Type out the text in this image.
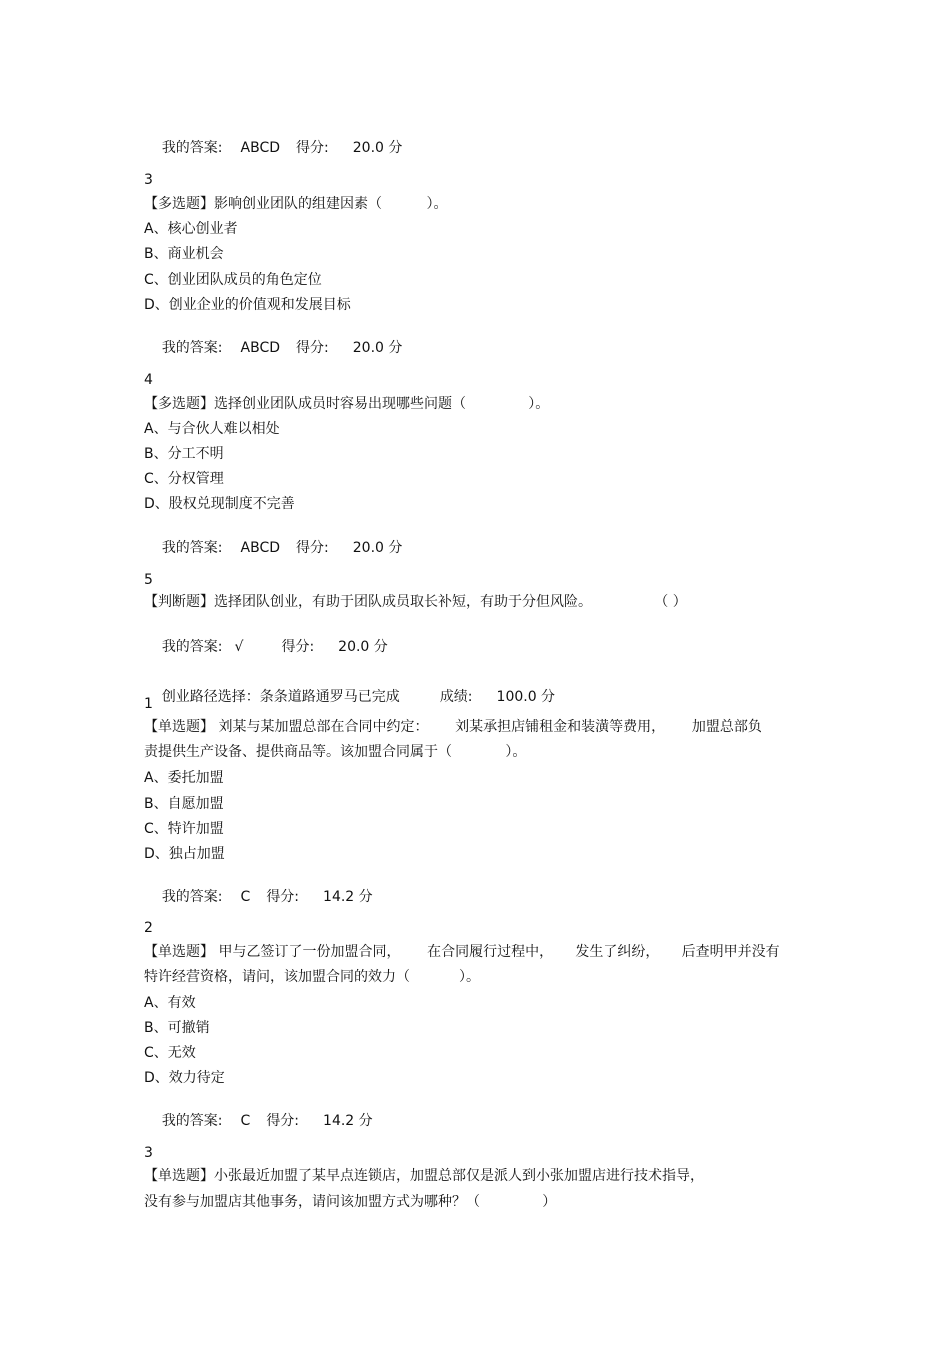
我的答案: ABCD 得分: 20.0 分

3
【多选题】影响创业团队的组建因素（          ）。
A、核心创业者
B、商业机会
C、创业团队成员的角色定位
D、创业企业的价值观和发展目标

我的答案: ABCD 得分: 20.0 分

4
【多选题】选择创业团队成员时容易出现哪些问题（              ）。
A、与合伙人难以相处
B、分工不明
C、分权管理
D、股权兑现制度不完善

我的答案: ABCD 得分: 20.0 分

5
【判断题】选择团队创业，有助于团队成员取长补短，有助于分但风险。              （ ）

我的答案: √	得分: 20.0 分

创业路径选择：条条道路通罗马已完成	成绩: 100.0 分

1
【单选题】 刘某与某加盟总部在合同中约定：      刘某承担店铺租金和装潢等费用，      加盟总部负
责提供生产设备、提供商品等。该加盟合同属于（            ）。
A、委托加盟
B、自愿加盟
C、特许加盟
D、独占加盟

我的答案: C 得分: 14.2 分

2
【单选题】 甲与乙签订了一份加盟合同，      在合同履行过程中，     发生了纠纷，     后查明甲并没有
特许经营资格，请问，该加盟合同的效力（           ）。
A、有效
B、可撤销
C、无效
D、效力待定

我的答案: C 得分: 14.2 分

3
【单选题】小张最近加盟了某早点连锁店，加盟总部仅是派人到小张加盟店进行技术指导，
没有参与加盟店其他事务，请问该加盟方式为哪种？（              ）
